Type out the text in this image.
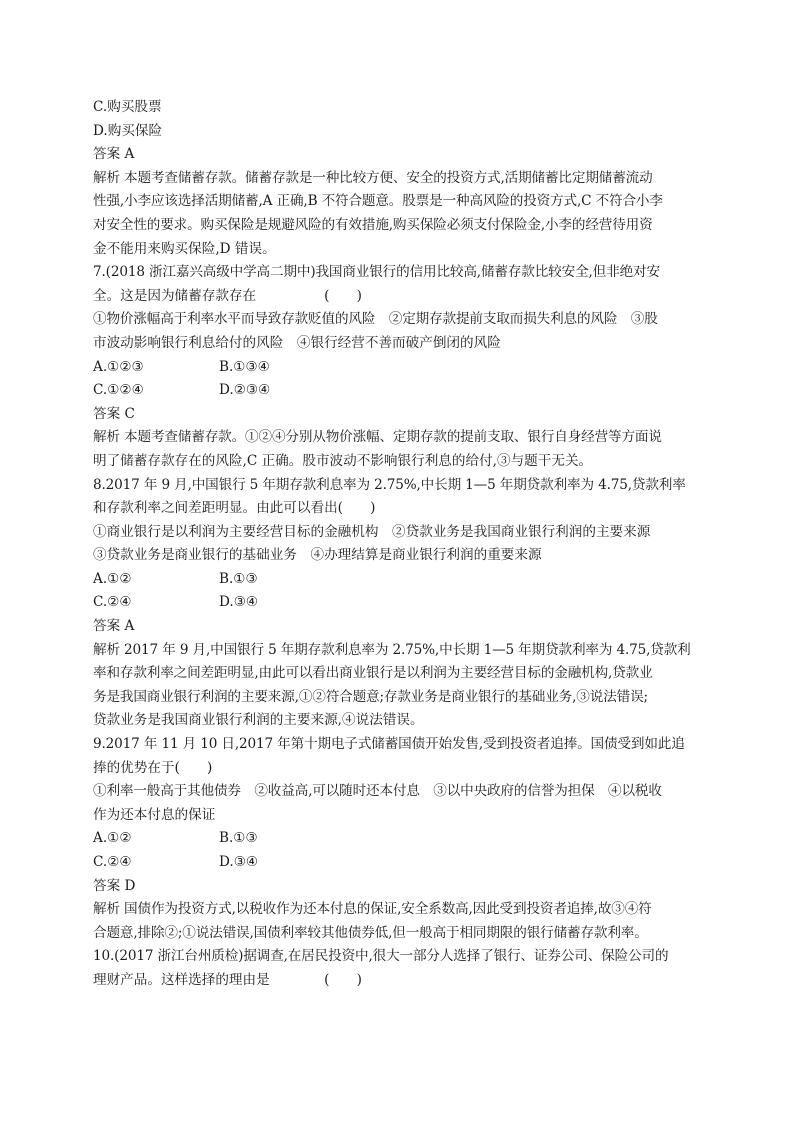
C.购买股票
D.购买保险
答案 A
解析 本题考查储蓄存款。储蓄存款是一种比较方便、安全的投资方式,活期储蓄比定期储蓄流动
性强,小李应该选择活期储蓄,A 正确,B 不符合题意。股票是一种高风险的投资方式,C 不符合小李
对安全性的要求。购买保险是规避风险的有效措施,购买保险必须支付保险金,小李的经营待用资
金不能用来购买保险,D 错误。
7.(2018 浙江嘉兴高级中学高二期中)我国商业银行的信用比较高,储蓄存款比较安全,但非绝对安
全。这是因为储蓄存款存在　　　　　(　　)
①物价涨幅高于利率水平而导致存款贬值的风险　②定期存款提前支取而损失利息的风险　③股
市波动影响银行利息给付的风险　④银行经营不善而破产倒闭的风险
A.①②③	B.①③④
C.①②④	D.②③④
答案 C
解析 本题考查储蓄存款。①②④分别从物价涨幅、定期存款的提前支取、银行自身经营等方面说
明了储蓄存款存在的风险,C 正确。股市波动不影响银行利息的给付,③与题干无关。
8.2017 年 9 月,中国银行 5 年期存款利息率为 2.75%,中长期 1—5 年期贷款利率为 4.75,贷款利率
和存款利率之间差距明显。由此可以看出(　　)
①商业银行是以利润为主要经营目标的金融机构　②贷款业务是我国商业银行利润的主要来源
③贷款业务是商业银行的基础业务　④办理结算是商业银行利润的重要来源
A.①②	B.①③
C.②④	D.③④
答案 A
解析 2017 年 9 月,中国银行 5 年期存款利息率为 2.75%,中长期 1—5 年期贷款利率为 4.75,贷款利
率和存款利率之间差距明显,由此可以看出商业银行是以利润为主要经营目标的金融机构,贷款业
务是我国商业银行利润的主要来源,①②符合题意;存款业务是商业银行的基础业务,③说法错误;
贷款业务是我国商业银行利润的主要来源,④说法错误。
9.2017 年 11 月 10 日,2017 年第十期电子式储蓄国债开始发售,受到投资者追捧。国债受到如此追
捧的优势在于(　　)
①利率一般高于其他债券　②收益高,可以随时还本付息　③以中央政府的信誉为担保　④以税收
作为还本付息的保证
A.①②	B.①③
C.②④	D.③④
答案 D
解析 国债作为投资方式,以税收作为还本付息的保证,安全系数高,因此受到投资者追捧,故③④符
合题意,排除②;①说法错误,国债利率较其他债券低,但一般高于相同期限的银行储蓄存款利率。
10.(2017 浙江台州质检)据调查,在居民投资中,很大一部分人选择了银行、证券公司、保险公司的
理财产品。这样选择的理由是　　　　(　　)
